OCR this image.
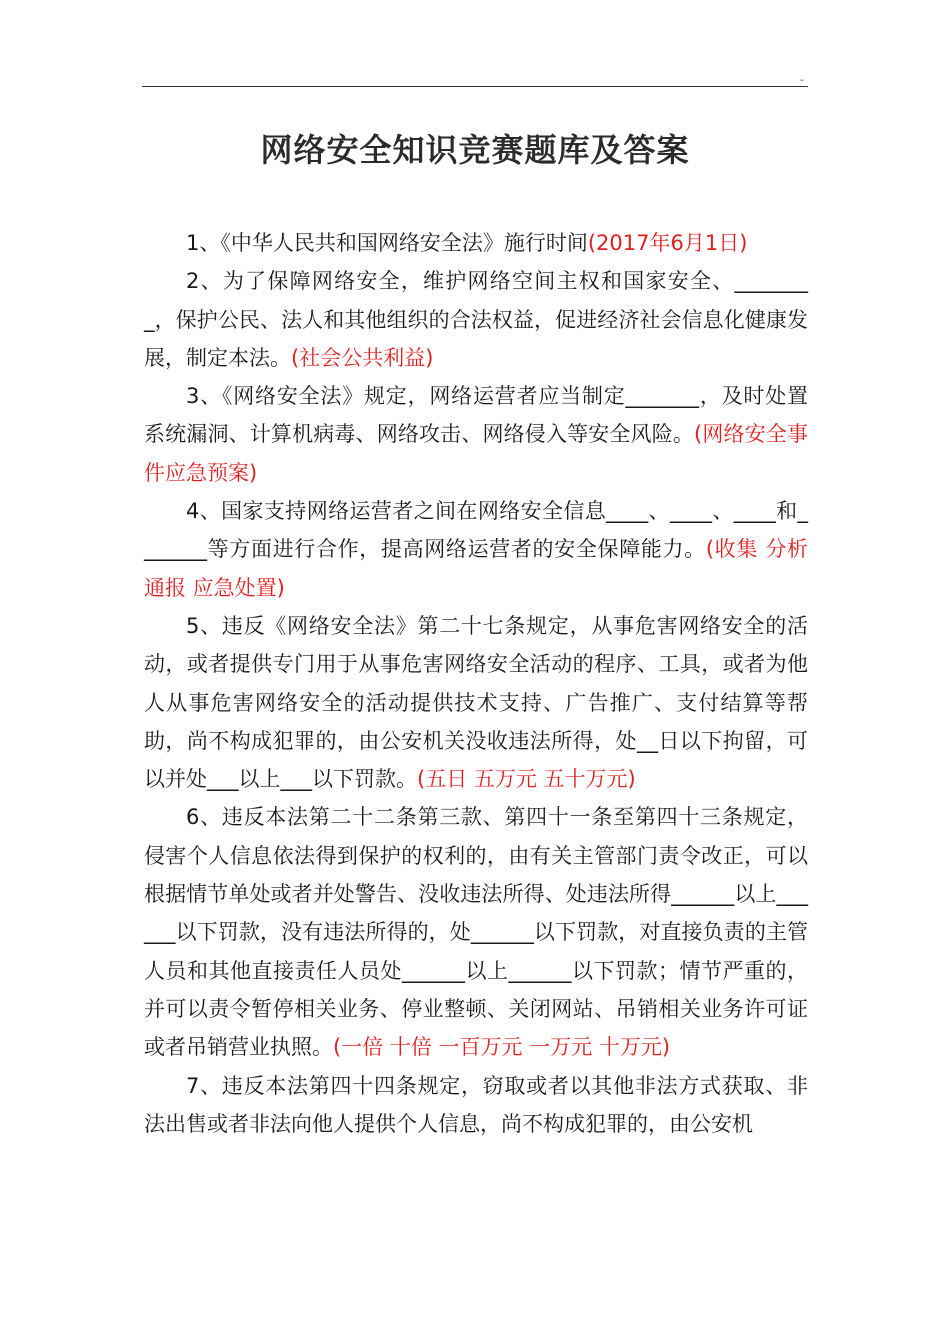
-
网络安全知识竞赛题库及答案

1、《中华人民共和国网络安全法》施行时间(2017年6月1日)

2、为了保障网络安全，维护网络空间主权和国家安全、________，保护公民、法人和其他组织的合法权益，促进经济社会信息化健康发展，制定本法。(社会公共利益)

3、《网络安全法》规定，网络运营者应当制定_______，及时处置系统漏洞、计算机病毒、网络攻击、网络侵入等安全风险。(网络安全事件应急预案)

4、国家支持网络运营者之间在网络安全信息____、____、____和_______等方面进行合作，提高网络运营者的安全保障能力。(收集 分析 通报 应急处置)

5、违反《网络安全法》第二十七条规定，从事危害网络安全的活动，或者提供专门用于从事危害网络安全活动的程序、工具，或者为他人从事危害网络安全的活动提供技术支持、广告推广、支付结算等帮助，尚不构成犯罪的，由公安机关没收违法所得，处__日以下拘留，可以并处___以上___以下罚款。(五日 五万元 五十万元)

6、违反本法第二十二条第三款、第四十一条至第四十三条规定，侵害个人信息依法得到保护的权利的，由有关主管部门责令改正，可以根据情节单处或者并处警告、没收违法所得、处违法所得______以上______以下罚款，没有违法所得的，处______以下罚款，对直接负责的主管人员和其他直接责任人员处______以上______以下罚款；情节严重的，并可以责令暂停相关业务、停业整顿、关闭网站、吊销相关业务许可证或者吊销营业执照。(一倍 十倍 一百万元 一万元 十万元)

7、违反本法第四十四条规定，窃取或者以其他非法方式获取、非法出售或者非法向他人提供个人信息，尚不构成犯罪的，由公安机
